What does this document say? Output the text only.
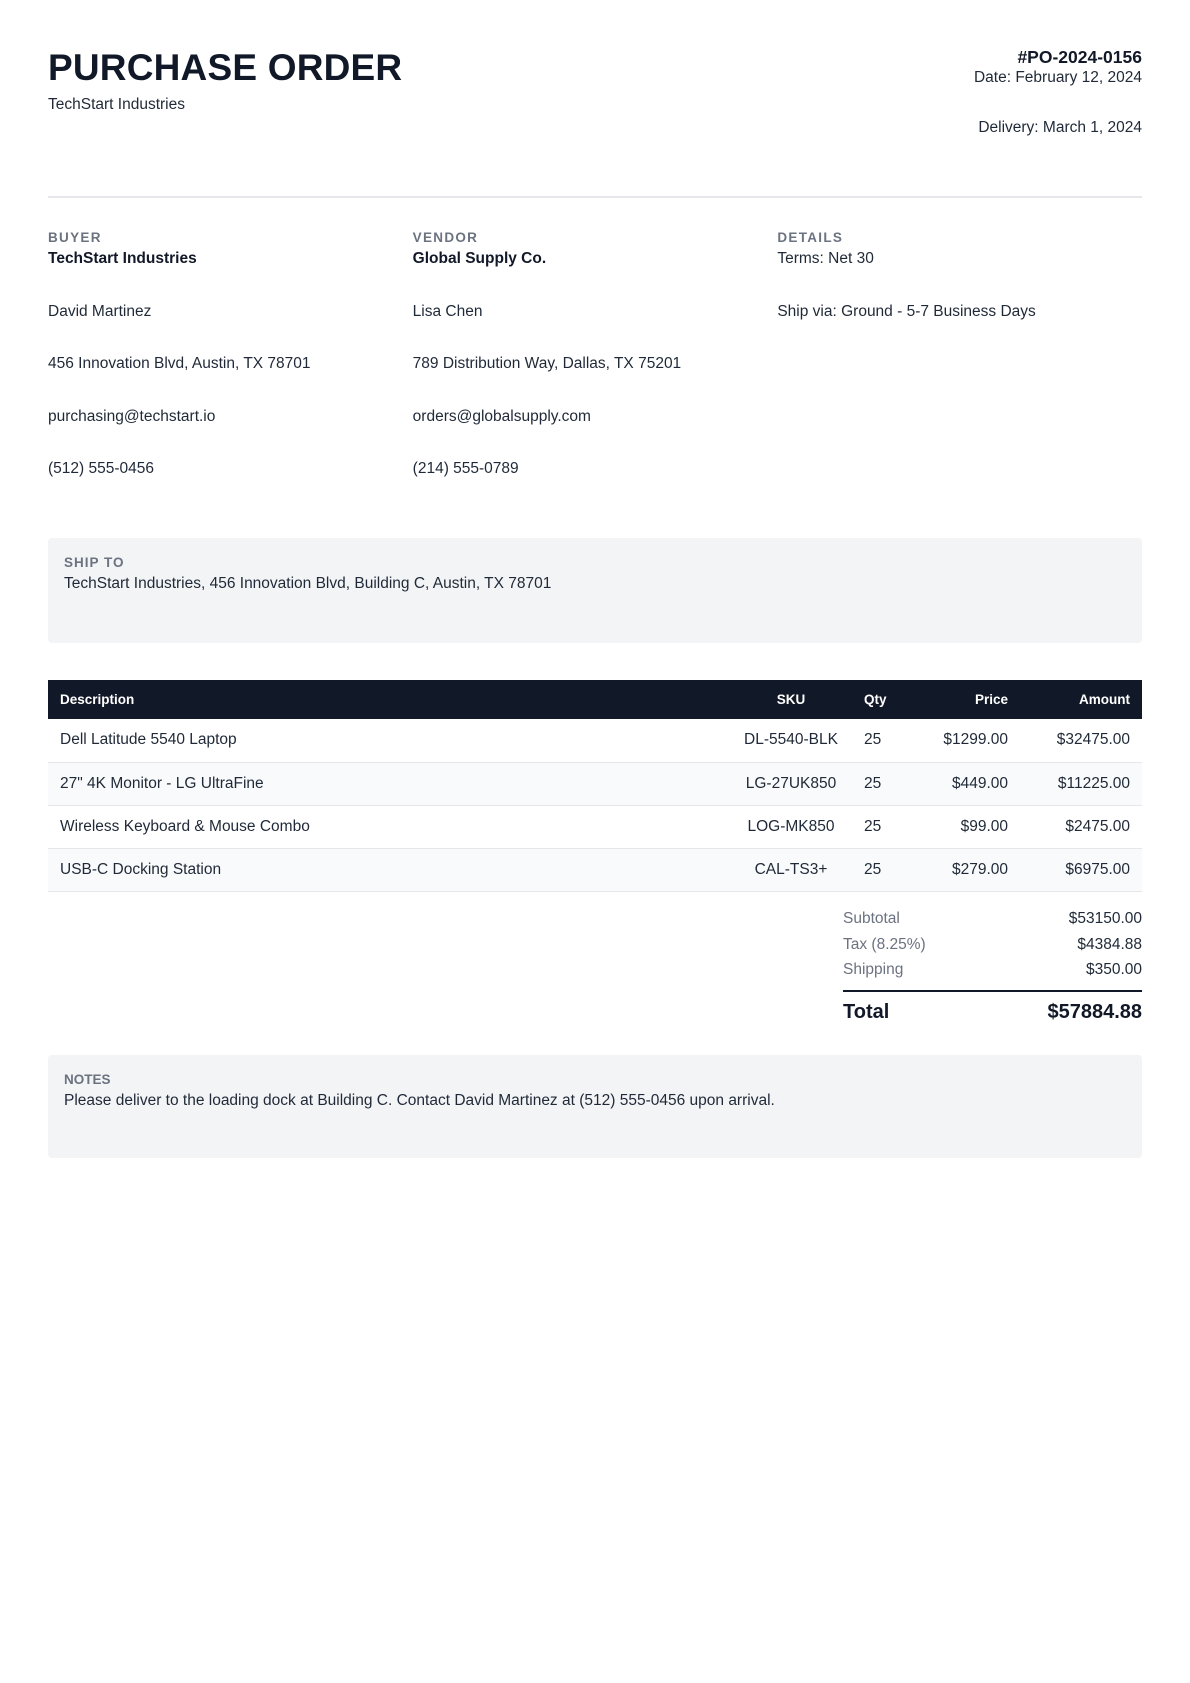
PURCHASE ORDER
TechStart Industries
#PO-2024-0156
Date: February 12, 2024
Delivery: March 1, 2024
BUYER
TechStart Industries
David Martinez
456 Innovation Blvd, Austin, TX 78701
purchasing@techstart.io
(512) 555-0456
VENDOR
Global Supply Co.
Lisa Chen
789 Distribution Way, Dallas, TX 75201
orders@globalsupply.com
(214) 555-0789
DETAILS
Terms: Net 30
Ship via: Ground - 5-7 Business Days
SHIP TO
TechStart Industries, 456 Innovation Blvd, Building C, Austin, TX 78701
Description	SKU	Qty	Price	Amount
Dell Latitude 5540 Laptop	DL-5540-BLK	25	$1299.00	$32475.00
27" 4K Monitor - LG UltraFine	LG-27UK850	25	$449.00	$11225.00
Wireless Keyboard & Mouse Combo	LOG-MK850	25	$99.00	$2475.00
USB-C Docking Station	CAL-TS3+	25	$279.00	$6975.00
Subtotal	$53150.00
Tax (8.25%)	$4384.88
Shipping	$350.00
Total	$57884.88
NOTES
Please deliver to the loading dock at Building C. Contact David Martinez at (512) 555-0456 upon arrival.
